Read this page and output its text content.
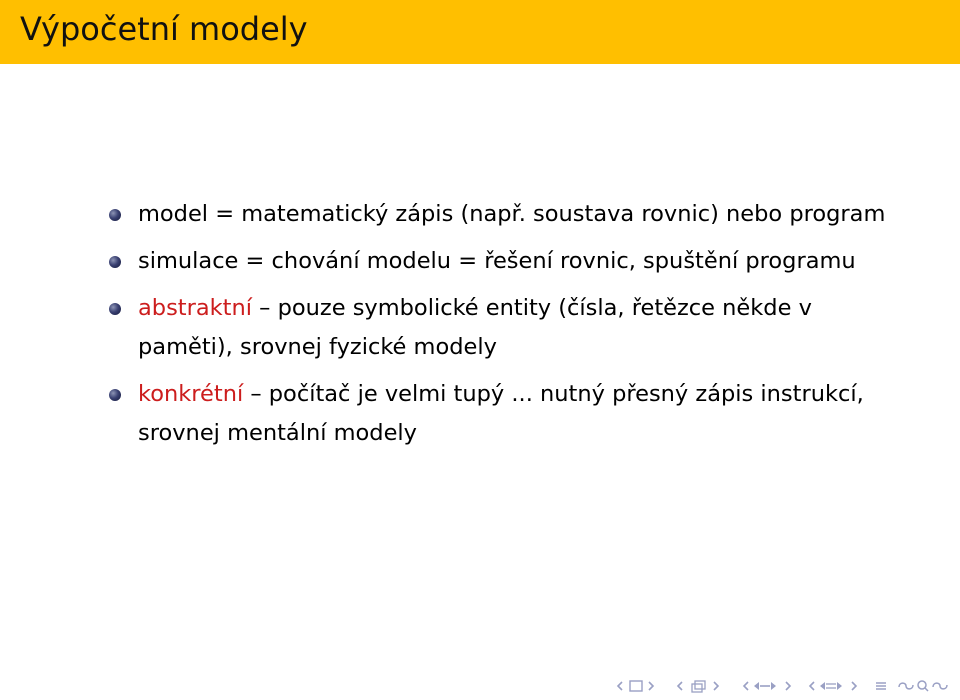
Výpočetní modely
model = matematický zápis (např. soustava rovnic) nebo program
simulace = chování modelu = řešení rovnic, spuštění programu
abstraktní – pouze symbolické entity (čísla, řetězce někde v paměti), srovnej fyzické modely
konkrétní – počítač je velmi tupý ... nutný přesný zápis instrukcí, srovnej mentální modely
